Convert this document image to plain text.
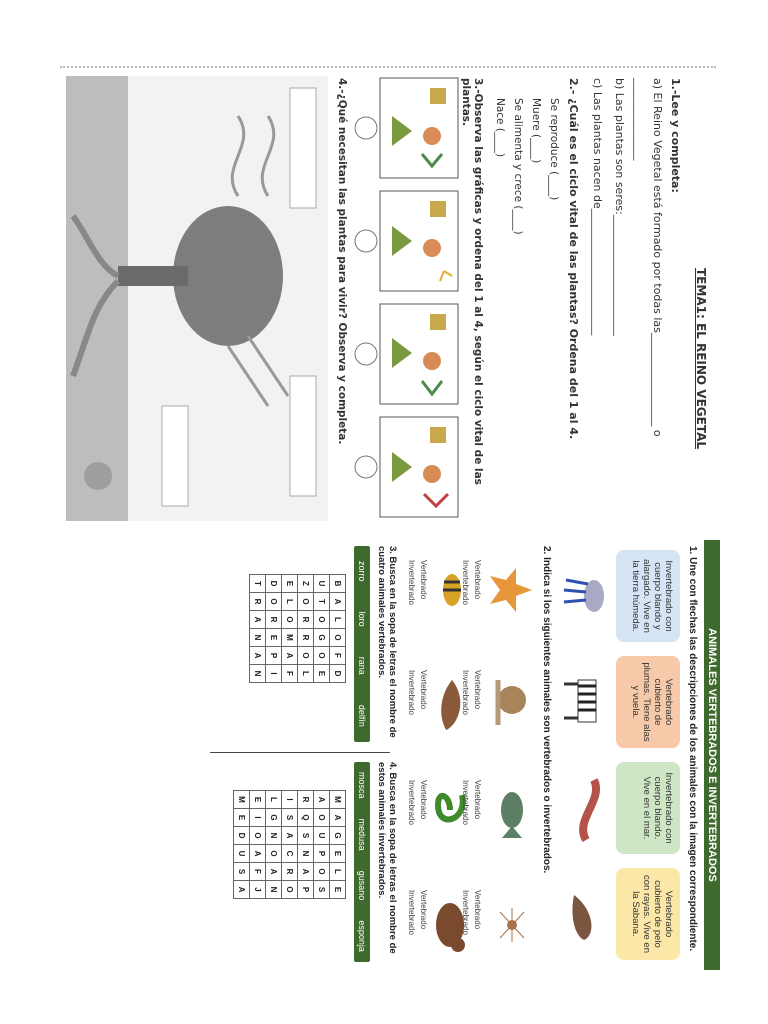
TEMA1: EL REINO VEGETAL
1.-Lee y completa:
a) El Reino Vegetal está formado por todas las_________________ o
_______________
b) Las plantas son seres:______________________
c) Las plantas nacen de_______________________
2.- ¿Cuál es el ciclo vital de las plantas? Ordena del 1 al 4.
Se reproduce (____)
Muere (____)
Se alimenta y crece (____)
Nace (____)
3.-Observa las gráficas y ordena del 1 al 4, según el ciclo vital de las plantas.
4.-¿Qué necesitan las plantas para vivir? Observa y completa.
ANIMALES VERTEBRADOS E INVERTEBRADOS
1. Une con flechas las descripciones de los animales con la imagen correspondiente.
Invertebrado con cuerpo blando y alargado. Vive en la tierra húmeda.
Vertebrado cubierto de plumas. Tiene alas y vuela.
Invertebrado con cuerpo blando. Vive en el mar.
Vertebrado cubierto de pelo con rayas. Vive en la Sabana.
2. Indica si los siguientes animales son vertebrados o invertebrados.
Vertebrado
Invertebrado
Vertebrado
Invertebrado
Vertebrado
Invertebrado
Vertebrado
Invertebrado
Vertebrado
Invertebrado
Vertebrado
Invertebrado
Vertebrado
Invertebrado
Vertebrado
Invertebrado
3. Busca en la sopa de letras el nombre de cuatro animales vertebrados.
zorro
loro
rana
delfín
B	A	L	O	F	D
U	T	O	G	O	E
Z	O	R	R	O	L
E	L	O	M	A	F
D	O	R	E	P	I
T	R	A	N	A	N
4. Busca en la sopa de letras el nombre de estos animales invertebrados.
mosca
medusa
gusano
esponja
M	A	G	E	L	E
A	O	U	P	O	S
R	Q	S	N	A	P
I	S	A	C	R	O
L	G	N	O	A	N
E	I	O	A	F	J
M	E	D	U	S	A
